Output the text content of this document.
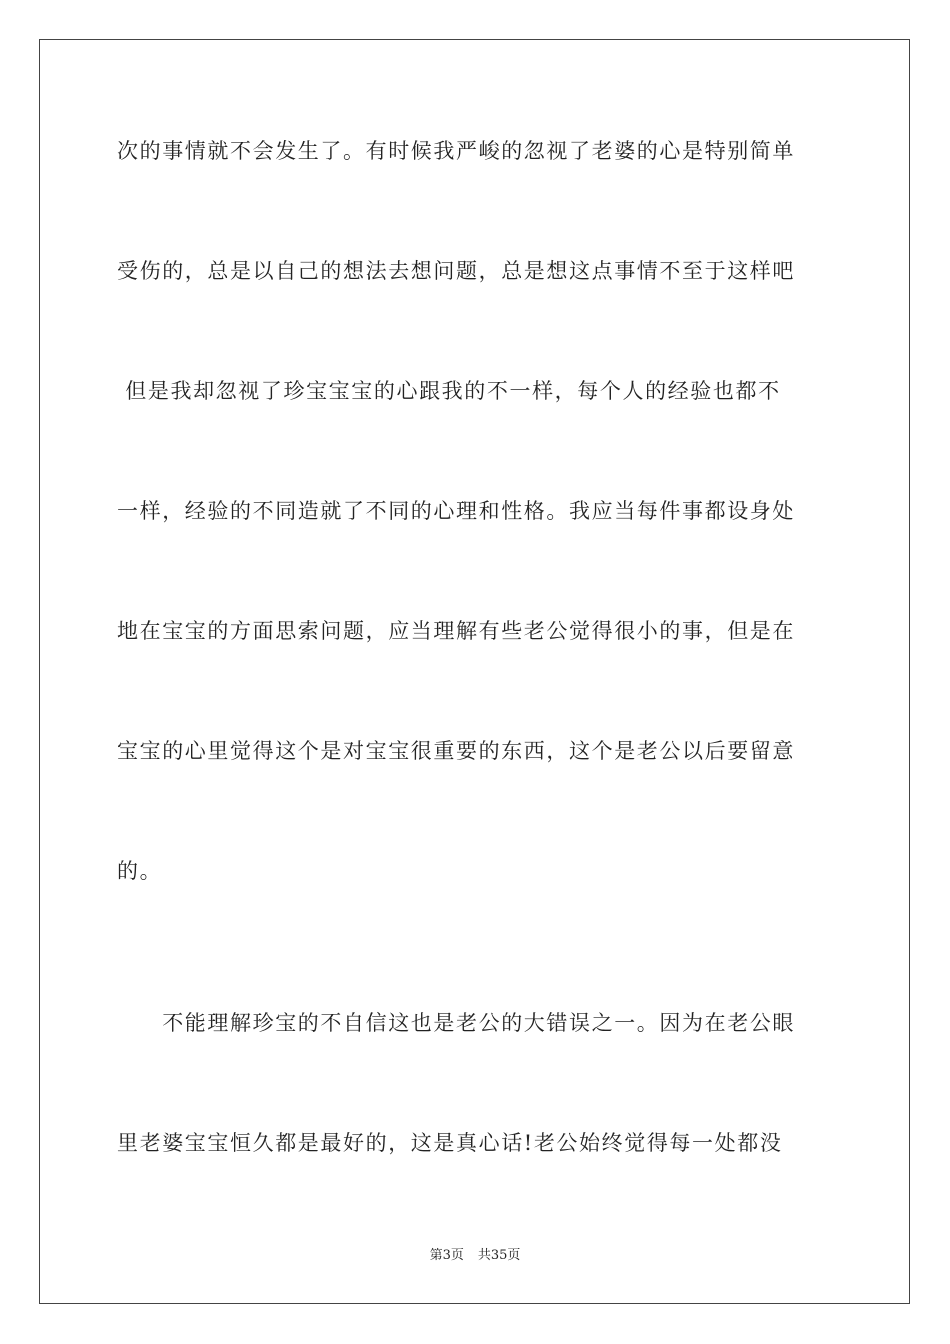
次的事情就不会发生了。有时候我严峻的忽视了老婆的心是特别简单
受伤的，总是以自己的想法去想问题，总是想这点事情不至于这样吧
但是我却忽视了珍宝宝宝的心跟我的不一样，每个人的经验也都不
一样，经验的不同造就了不同的心理和性格。我应当每件事都设身处
地在宝宝的方面思索问题，应当理解有些老公觉得很小的事，但是在
宝宝的心里觉得这个是对宝宝很重要的东西，这个是老公以后要留意
的。
　　不能理解珍宝的不自信这也是老公的大错误之一。因为在老公眼
里老婆宝宝恒久都是最好的，这是真心话!老公始终觉得每一处都没
第3页 共35页
